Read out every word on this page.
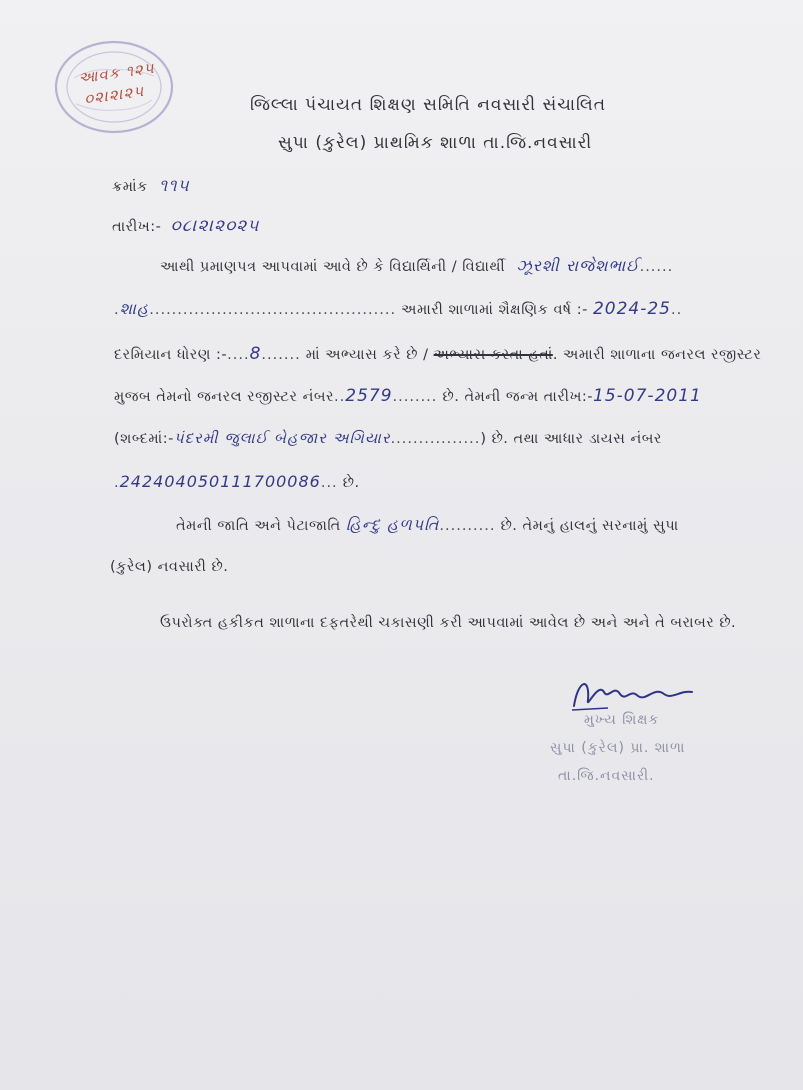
આવક ૧૨૫
૦૨।૨।૨૫	જિલ્લા પંચાયત શિક્ષણ સમિતિ નવસારી સંચાલિત
સુપા (કુરેલ) પ્રાથમિક શાળા તા.જિ.નવસારી
ક્રમાંક ૧૧૫
તારીખ:- ૦૮।૨।૨૦૨૫
આથી પ્રમાણપત્ર આપવામાં આવે છે કે વિદ્યાર્થિની / વિદ્યાર્થી ઝૂરશી રાજેશભાઈ......
.શાહ............................................ અમારી શાળામાં શૈક્ષણિક વર્ષ :- 2024-25..
દરમિયાન ધોરણ :-....8....... માં અભ્યાસ કરે છે / અભ્યાસ કરતા હતાં. અમારી શાળાના જનરલ રજીસ્ટર
મુજબ તેમનો જનરલ રજીસ્ટર નંબર..2579........ છે. તેમની જન્મ તારીખ:-15-07-2011
(શબ્દમાં:-પંદરમી જુલાઈ બેહજાર અગિયાર................) છે. તથા આધાર ડાયસ નંબર
.242404050111700086... છે.
તેમની જાતિ અને પેટાજાતિ હિન્દુ હળપતિ.......... છે. તેમનું હાલનું સરનામું સુપા
(કુરેલ) નવસારી છે.
ઉપરોક્ત હકીકત શાળાના દફતરેથી ચકાસણી કરી આપવામાં આવેલ છે અને અને તે બરાબર છે.
મુખ્ય શિક્ષક
સુપા (કુરેલ) પ્રા. શાળા
તા.જિ.નવસારી.
